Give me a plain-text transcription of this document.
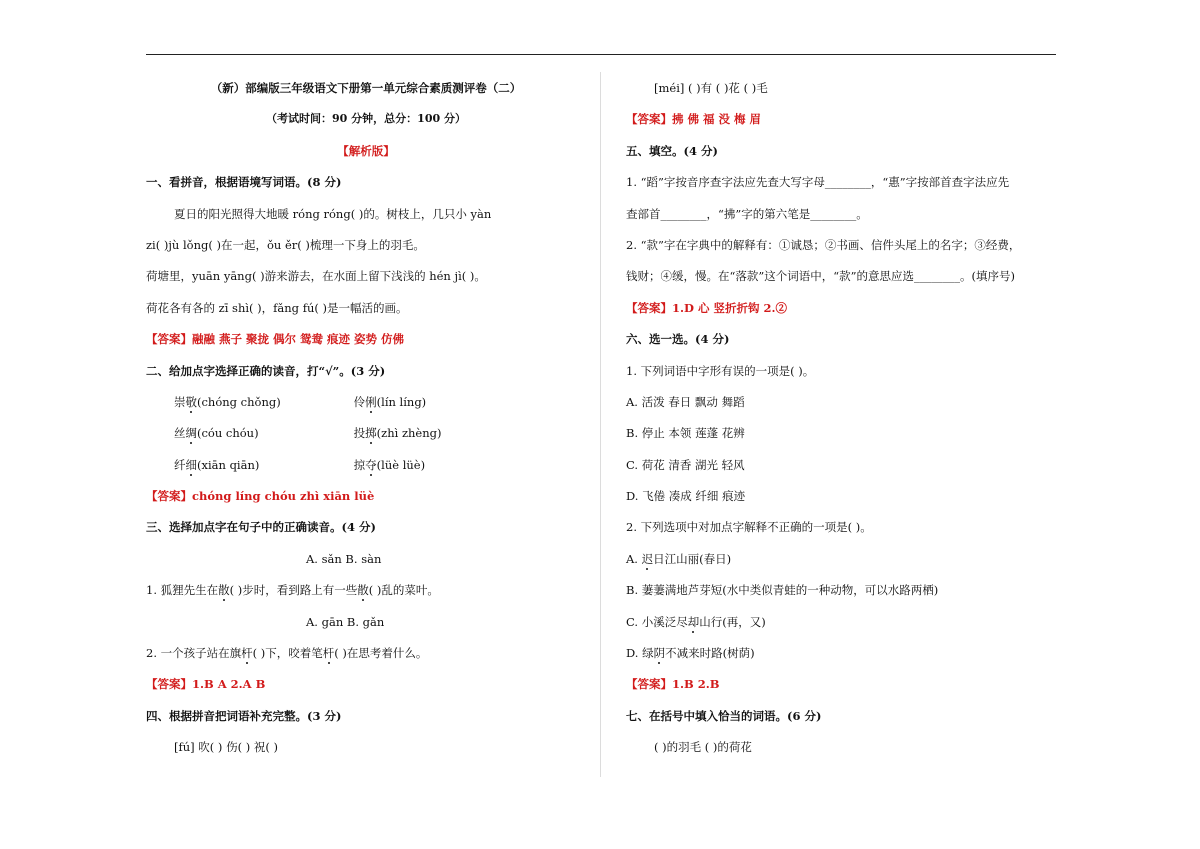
（新）部编版三年级语文下册第一单元综合素质测评卷（二）
（考试时间：90 分钟，总分：100 分）
【解析版】
一、看拼音，根据语境写词语。(8 分)
夏日的阳光照得大地暖 róng róng( )的。树枝上，几只小 yàn
zi( )jù lǒng( )在一起，ǒu ěr( )梳理一下身上的羽毛。
荷塘里，yuān yāng( )游来游去，在水面上留下浅浅的 hén jì( )。
荷花各有各的 zī shì( )，fǎng fú( )是一幅活的画。
【答案】融融 燕子 聚拢 偶尔 鸳鸯 痕迹 姿势 仿佛
二、给加点字选择正确的读音，打“√”。(3 分)
崇敬(chóng chǒng)	伶俐(lín líng)
丝绸(cóu chóu)	投掷(zhì zhèng)
纤细(xiān qiān)	掠夺(lüè lüè)
【答案】chóng líng chóu zhì xiān lüè
三、选择加点字在句子中的正确读音。(4 分)
A. sǎn B. sàn
1. 狐狸先生在散( )步时，看到路上有一些散( )乱的菜叶。
A. gān B. gǎn
2. 一个孩子站在旗杆( )下，咬着笔杆( )在思考着什么。
【答案】1.B A 2.A B
四、根据拼音把词语补充完整。(3 分)
[fú] 吹( ) 伤( ) 祝( )
[méi] ( )有 ( )花 ( )毛
【答案】拂 佛 福 没 梅 眉
五、填空。(4 分)
1. “蹈”字按音序查字法应先查大写字母________，“惠”字按部首查字法应先
查部首________，“拂”字的第六笔是________。
2. “款”字在字典中的解释有：①诚恳；②书画、信件头尾上的名字；③经费，
钱财；④缓，慢。在“落款”这个词语中，“款”的意思应选________。(填序号)
【答案】1.D 心 竖折折钩 2.②
六、选一选。(4 分)
1. 下列词语中字形有误的一项是( )。
A. 活泼 春日 飘动 舞蹈
B. 停止 本领 莲蓬 花辨
C. 荷花 清香 湖光 轻风
D. 飞倦 凑成 纤细 痕迹
2. 下列选项中对加点字解释不正确的一项是( )。
A. 迟日江山丽(春日)
B. 萋萋满地芦芽短(水中类似青蛙的一种动物，可以水路两栖)
C. 小溪泛尽却山行(再，又)
D. 绿阴不减来时路(树荫)
【答案】1.B 2.B
七、在括号中填入恰当的词语。(6 分)
( )的羽毛 ( )的荷花
